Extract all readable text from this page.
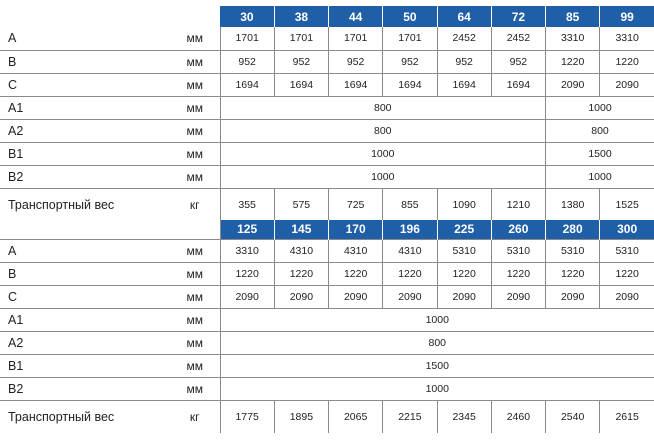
		30	38	44	50	64	72	85	99
A	мм	1701	1701	1701	1701	2452	2452	3310	3310
B	мм	952	952	952	952	952	952	1220	1220
C	мм	1694	1694	1694	1694	1694	1694	2090	2090
A1	мм	800						1000	
A2	мм	800						800	
B1	мм	1000						1500	
B2	мм	1000						1000	
Транспортный вес	кг	355	575	725	855	1090	1210	1380	1525
		125	145	170	196	225	260	280	300
A	мм	3310	4310	4310	4310	5310	5310	5310	5310
B	мм	1220	1220	1220	1220	1220	1220	1220	1220
C	мм	2090	2090	2090	2090	2090	2090	2090	2090
A1	мм	1000							
A2	мм	800							
B1	мм	1500							
B2	мм	1000							
Транспортный вес	кг	1775	1895	2065	2215	2345	2460	2540	2615
